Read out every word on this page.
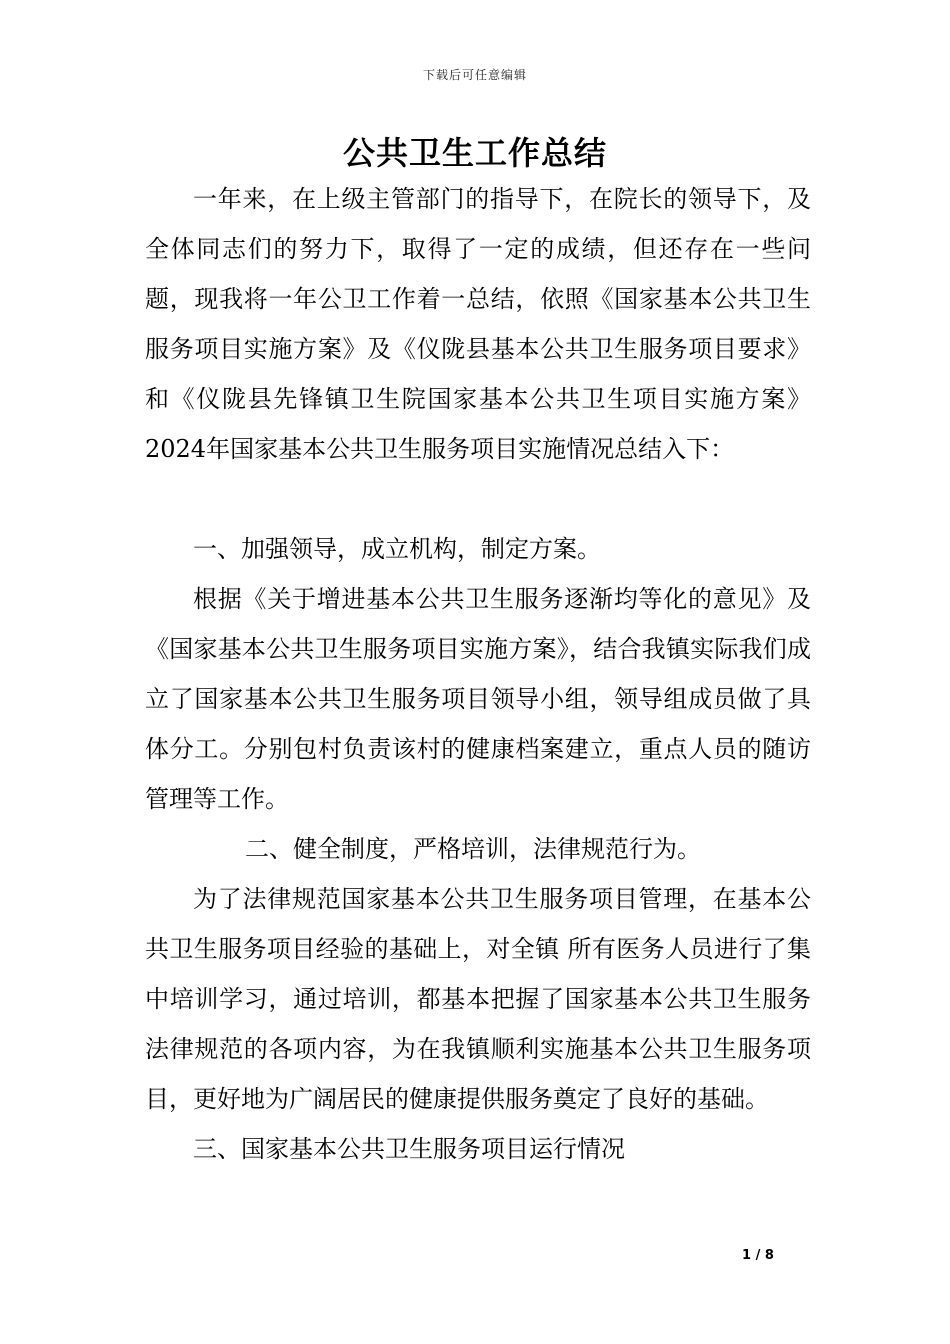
下载后可任意编辑
公共卫生工作总结

一年来，在上级主管部门的指导下，在院长的领导下，及全体同志们的努力下，取得了一定的成绩，但还存在一些问题，现我将一年公卫工作着一总结，依照《国家基本公共卫生服务项目实施方案》及《仪陇县基本公共卫生服务项目要求》和《仪陇县先锋镇卫生院国家基本公共卫生项目实施方案》2024年国家基本公共卫生服务项目实施情况总结入下：

一、加强领导，成立机构，制定方案。

根据《关于增进基本公共卫生服务逐渐均等化的意见》及《国家基本公共卫生服务项目实施方案》，结合我镇实际我们成立了国家基本公共卫生服务项目领导小组，领导组成员做了具体分工。分别包村负责该村的健康档案建立，重点人员的随访管理等工作。

二、健全制度，严格培训，法律规范行为。

为了法律规范国家基本公共卫生服务项目管理，在基本公共卫生服务项目经验的基础上，对全镇 所有医务人员进行了集中培训学习，通过培训，都基本把握了国家基本公共卫生服务法律规范的各项内容，为在我镇顺利实施基本公共卫生服务项目，更好地为广阔居民的健康提供服务奠定了良好的基础。

三、国家基本公共卫生服务项目运行情况

1 / 8
